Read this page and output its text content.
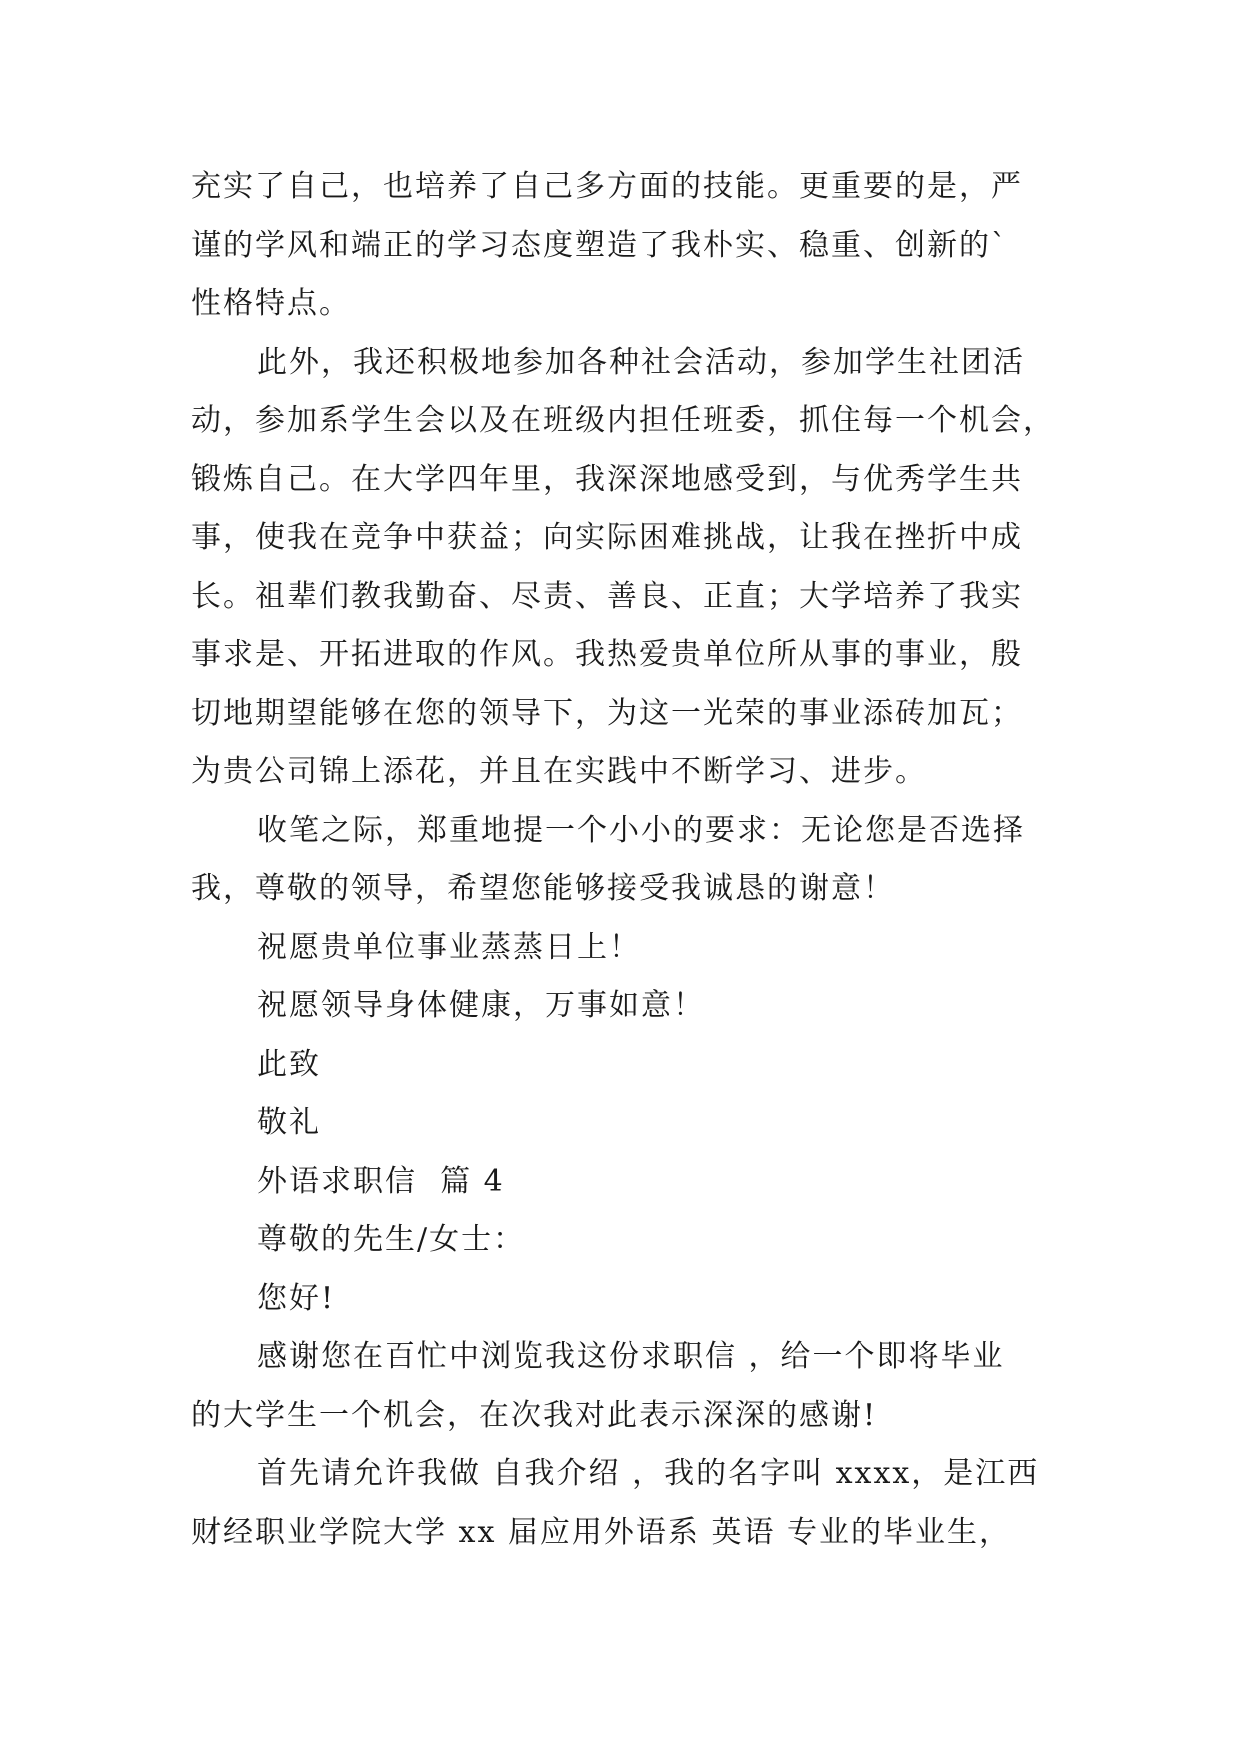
充实了自己，也培养了自己多方面的技能。更重要的是，严
谨的学风和端正的学习态度塑造了我朴实、稳重、创新的`
性格特点。
此外，我还积极地参加各种社会活动，参加学生社团活
动，参加系学生会以及在班级内担任班委，抓住每一个机会，
锻炼自己。在大学四年里，我深深地感受到，与优秀学生共
事，使我在竞争中获益；向实际困难挑战，让我在挫折中成
长。祖辈们教我勤奋、尽责、善良、正直；大学培养了我实
事求是、开拓进取的作风。我热爱贵单位所从事的事业，殷
切地期望能够在您的领导下，为这一光荣的事业添砖加瓦；
为贵公司锦上添花，并且在实践中不断学习、进步。
收笔之际，郑重地提一个小小的要求：无论您是否选择
我，尊敬的领导，希望您能够接受我诚恳的谢意！
祝愿贵单位事业蒸蒸日上！
祝愿领导身体健康，万事如意！
此致
敬礼
外语求职信  篇 4
尊敬的先生/女士：
您好!
感谢您在百忙中浏览我这份求职信 ，给一个即将毕业
的大学生一个机会，在次我对此表示深深的感谢!
首先请允许我做 自我介绍 ，我的名字叫 xxxx，是江西
财经职业学院大学 xx 届应用外语系 英语 专业的毕业生，
